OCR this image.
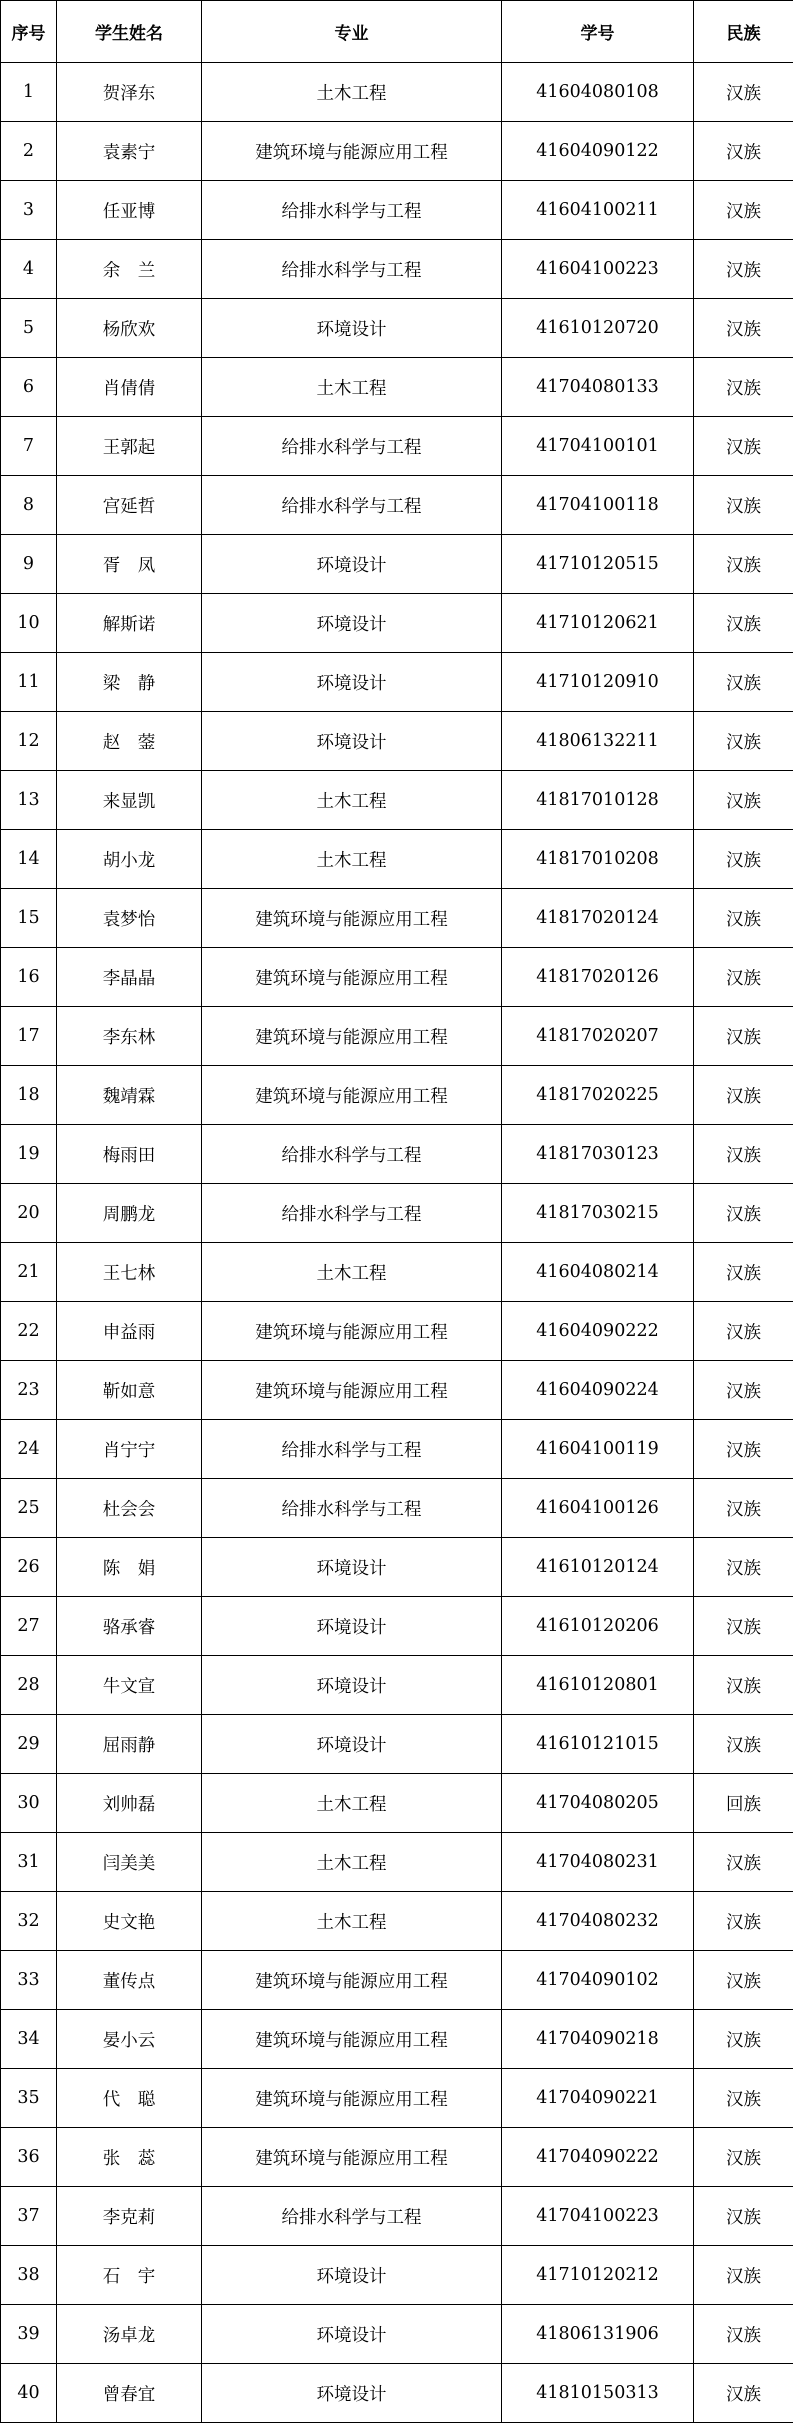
序号	学生姓名	专业	学号	民族
1	贺泽东	土木工程	41604080108	汉族
2	袁素宁	建筑环境与能源应用工程	41604090122	汉族
3	任亚博	给排水科学与工程	41604100211	汉族
4	余　兰	给排水科学与工程	41604100223	汉族
5	杨欣欢	环境设计	41610120720	汉族
6	肖倩倩	土木工程	41704080133	汉族
7	王郭起	给排水科学与工程	41704100101	汉族
8	宫延哲	给排水科学与工程	41704100118	汉族
9	胥　凤	环境设计	41710120515	汉族
10	解斯诺	环境设计	41710120621	汉族
11	梁　静	环境设计	41710120910	汉族
12	赵　蓥	环境设计	41806132211	汉族
13	来显凯	土木工程	41817010128	汉族
14	胡小龙	土木工程	41817010208	汉族
15	袁梦怡	建筑环境与能源应用工程	41817020124	汉族
16	李晶晶	建筑环境与能源应用工程	41817020126	汉族
17	李东林	建筑环境与能源应用工程	41817020207	汉族
18	魏靖霖	建筑环境与能源应用工程	41817020225	汉族
19	梅雨田	给排水科学与工程	41817030123	汉族
20	周鹏龙	给排水科学与工程	41817030215	汉族
21	王七林	土木工程	41604080214	汉族
22	申益雨	建筑环境与能源应用工程	41604090222	汉族
23	靳如意	建筑环境与能源应用工程	41604090224	汉族
24	肖宁宁	给排水科学与工程	41604100119	汉族
25	杜会会	给排水科学与工程	41604100126	汉族
26	陈　娟	环境设计	41610120124	汉族
27	骆承睿	环境设计	41610120206	汉族
28	牛文宣	环境设计	41610120801	汉族
29	屈雨静	环境设计	41610121015	汉族
30	刘帅磊	土木工程	41704080205	回族
31	闫美美	土木工程	41704080231	汉族
32	史文艳	土木工程	41704080232	汉族
33	董传点	建筑环境与能源应用工程	41704090102	汉族
34	晏小云	建筑环境与能源应用工程	41704090218	汉族
35	代　聪	建筑环境与能源应用工程	41704090221	汉族
36	张　蕊	建筑环境与能源应用工程	41704090222	汉族
37	李克莉	给排水科学与工程	41704100223	汉族
38	石　宇	环境设计	41710120212	汉族
39	汤卓龙	环境设计	41806131906	汉族
40	曾春宜	环境设计	41810150313	汉族
